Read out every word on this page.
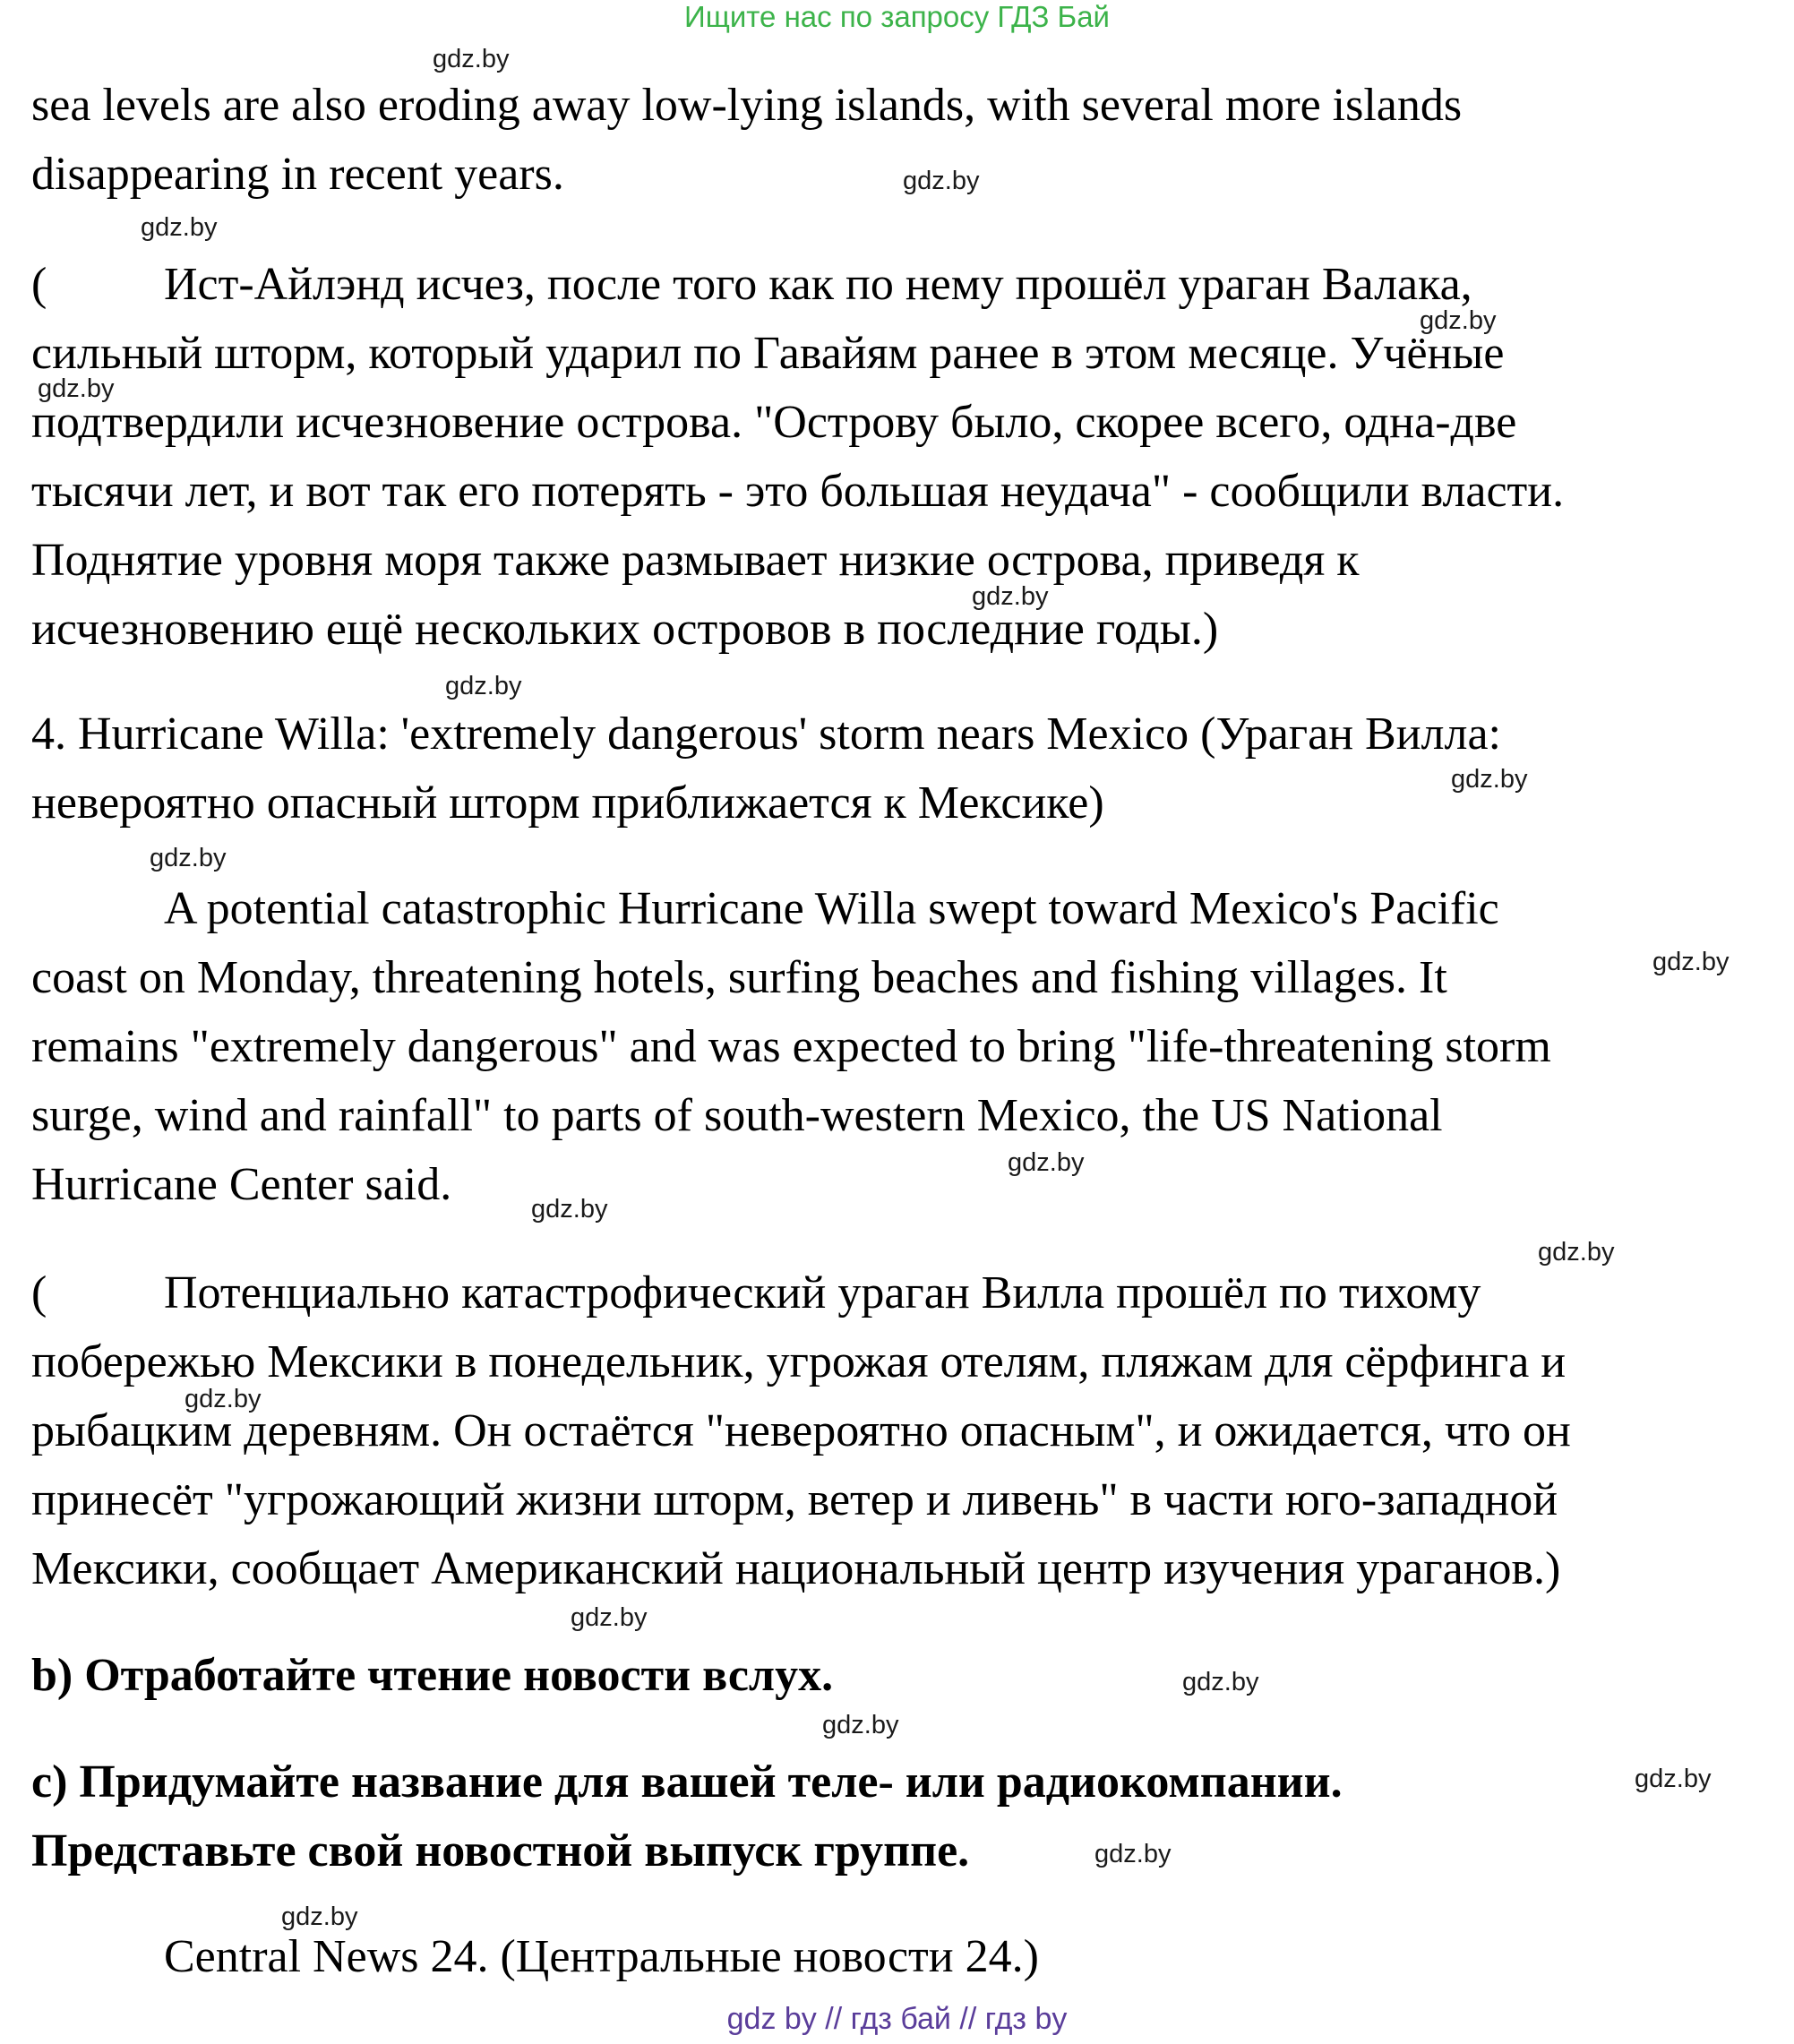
Ищите нас по запросу ГДЗ Бай
sea levels are also eroding away low-lying islands, with several more islands
disappearing in recent years.
(	Ист-Айлэнд исчез, после того как по нему прошёл ураган Валака,
сильный шторм, который ударил по Гавайям ранее в этом месяце. Учёные
подтвердили исчезновение острова. "Острову было, скорее всего, одна-две
тысячи лет, и вот так его потерять - это большая неудача" - сообщили власти.
Поднятие уровня моря также размывает низкие острова, приведя к
исчезновению ещё нескольких островов в последние годы.)
4. Hurricane Willa: 'extremely dangerous' storm nears Mexico (Ураган Вилла:
невероятно опасный шторм приближается к Мексике)
A potential catastrophic Hurricane Willa swept toward Mexico's Pacific
coast on Monday, threatening hotels, surfing beaches and fishing villages. It
remains "extremely dangerous" and was expected to bring "life-threatening storm
surge, wind and rainfall" to parts of south-western Mexico, the US National
Hurricane Center said.
(	Потенциально катастрофический ураган Вилла прошёл по тихому
побережью Мексики в понедельник, угрожая отелям, пляжам для сёрфинга и
рыбацким деревням. Он остаётся "невероятно опасным", и ожидается, что он
принесёт "угрожающий жизни шторм, ветер и ливень" в части юго-западной
Мексики, сообщает Американский национальный центр изучения ураганов.)
b) Отработайте чтение новости вслух.
c) Придумайте название для вашей теле- или радиокомпании.
Представьте свой новостной выпуск группе.
Central News 24. (Центральные новости 24.)
gdz.by
gdz.by
gdz.by
gdz.by
gdz.by
gdz.by
gdz.by
gdz.by
gdz.by
gdz.by
gdz.by
gdz.by
gdz.by
gdz.by
gdz.by
gdz.by
gdz.by
gdz.by
gdz.by
gdz.by
gdz by // гдз бай // гдз by
